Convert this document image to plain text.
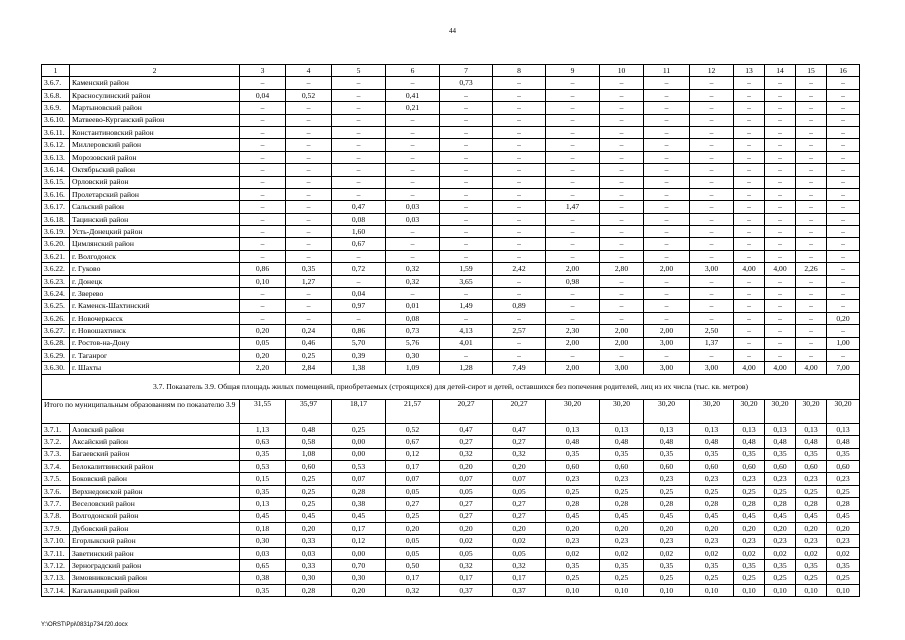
44
1	2	3	4	5	6	7	8	9	10	11	12	13	14	15	16
3.6.7.	Каменский район	–	–	–	–	0,73	–	–	–	–	–	–	–	–	–
3.6.8.	Красносулинский район	0,04	0,52	–	0,41	–	–	–	–	–	–	–	–	–	–
3.6.9.	Мартыновский район	–	–	–	0,21	–	–	–	–	–	–	–	–	–	–
3.6.10.	Матвеево-Курганский район	–	–	–	–	–	–	–	–	–	–	–	–	–	–
3.6.11.	Константиновский район	–	–	–	–	–	–	–	–	–	–	–	–	–	–
3.6.12.	Миллеровский район	–	–	–	–	–	–	–	–	–	–	–	–	–	–
3.6.13.	Морозовский район	–	–	–	–	–	–	–	–	–	–	–	–	–	–
3.6.14.	Октябрьский район	–	–	–	–	–	–	–	–	–	–	–	–	–	–
3.6.15.	Орловский район	–	–	–	–	–	–	–	–	–	–	–	–	–	–
3.6.16.	Пролетарский район	–	–	–	–	–	–	–	–	–	–	–	–	–	–
3.6.17.	Сальский район	–	–	0,47	0,03	–	–	1,47	–	–	–	–	–	–	–
3.6.18.	Тацинский район	–	–	0,08	0,03	–	–	–	–	–	–	–	–	–	–
3.6.19.	Усть-Донецкий район	–	–	1,60	–	–	–	–	–	–	–	–	–	–	–
3.6.20.	Цимлянский район	–	–	0,67	–	–	–	–	–	–	–	–	–	–	–
3.6.21.	г. Волгодонск	–	–	–	–	–	–	–	–	–	–	–	–	–	–
3.6.22.	г. Гуково	0,86	0,35	0,72	0,32	1,59	2,42	2,00	2,80	2,00	3,00	4,00	4,00	2,26	–
3.6.23.	г. Донецк	0,10	1,27	–	0,32	3,65	–	0,98	–	–	–	–	–	–	–
3.6.24.	г. Зверево	–	–	0,04	–	–	–	–	–	–	–	–	–	–	–
3.6.25.	г. Каменск-Шахтинский	–	–	0,97	0,01	1,49	0,89	–	–	–	–	–	–	–	–
3.6.26.	г. Новочеркасск	–	–	–	0,08	–	–	–	–	–	–	–	–	–	0,20
3.6.27.	г. Новошахтинск	0,20	0,24	0,86	0,73	4,13	2,57	2,30	2,00	2,00	2,50	–	–	–	–
3.6.28.	г. Ростов-на-Дону	0,05	0,46	5,70	5,76	4,01	–	2,00	2,00	3,00	1,37	–	–	–	1,00
3.6.29.	г. Таганрог	0,20	0,25	0,39	0,30	–	–	–	–	–	–	–	–	–	–
3.6.30.	г. Шахты	2,20	2,84	1,38	1,09	1,28	7,49	2,00	3,00	3,00	3,00	4,00	4,00	4,00	7,00
3.7. Показатель 3.9. Общая площадь жилых помещений, приобретаемых (строящихся) для детей-сирот и детей, оставшихся без попечения родителей, лиц из их числа (тыс. кв. метров)															
Итого по муниципальным образованиям по показателю 3.9		31,55	35,97	18,17	21,57	20,27	20,27	30,20	30,20	30,20	30,20	30,20	30,20	30,20	30,20
3.7.1.	Азовский район	1,13	0,48	0,25	0,52	0,47	0,47	0,13	0,13	0,13	0,13	0,13	0,13	0,13	0,13
3.7.2.	Аксайский район	0,63	0,58	0,00	0,67	0,27	0,27	0,48	0,48	0,48	0,48	0,48	0,48	0,48	0,48
3.7.3.	Багаевский район	0,35	1,08	0,00	0,12	0,32	0,32	0,35	0,35	0,35	0,35	0,35	0,35	0,35	0,35
3.7.4.	Белокалитвинский район	0,53	0,60	0,53	0,17	0,20	0,20	0,60	0,60	0,60	0,60	0,60	0,60	0,60	0,60
3.7.5.	Боковский район	0,15	0,25	0,07	0,07	0,07	0,07	0,23	0,23	0,23	0,23	0,23	0,23	0,23	0,23
3.7.6.	Верхнедонской район	0,35	0,25	0,28	0,05	0,05	0,05	0,25	0,25	0,25	0,25	0,25	0,25	0,25	0,25
3.7.7.	Веселовский район	0,13	0,25	0,38	0,27	0,27	0,27	0,28	0,28	0,28	0,28	0,28	0,28	0,28	0,28
3.7.8.	Волгодонской район	0,45	0,45	0,45	0,25	0,27	0,27	0,45	0,45	0,45	0,45	0,45	0,45	0,45	0,45
3.7.9.	Дубовский район	0,18	0,20	0,17	0,20	0,20	0,20	0,20	0,20	0,20	0,20	0,20	0,20	0,20	0,20
3.7.10.	Егорлыкский район	0,30	0,33	0,12	0,05	0,02	0,02	0,23	0,23	0,23	0,23	0,23	0,23	0,23	0,23
3.7.11.	Заветинский район	0,03	0,03	0,00	0,05	0,05	0,05	0,02	0,02	0,02	0,02	0,02	0,02	0,02	0,02
3.7.12.	Зерноградский район	0,65	0,33	0,70	0,50	0,32	0,32	0,35	0,35	0,35	0,35	0,35	0,35	0,35	0,35
3.7.13.	Зимовниковский район	0,38	0,30	0,30	0,17	0,17	0,17	0,25	0,25	0,25	0,25	0,25	0,25	0,25	0,25
3.7.14.	Кагальницкий район	0,35	0,28	0,20	0,32	0,37	0,37	0,10	0,10	0,10	0,10	0,10	0,10	0,10	0,10
Y:\ORST\Ppi\0831p734.f20.docx
